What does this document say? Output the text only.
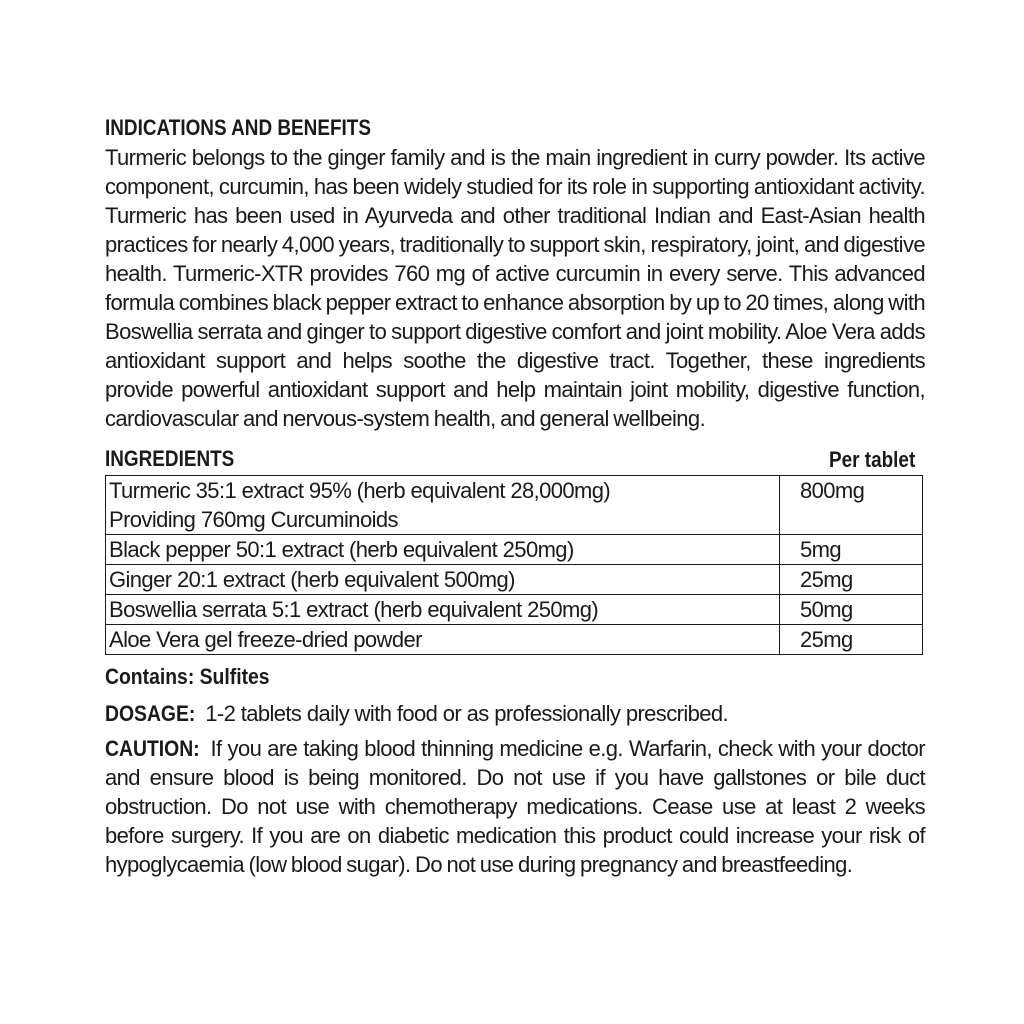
INDICATIONS AND BENEFITS

Turmeric belongs to the ginger family and is the main ingredient in curry powder. Its active component, curcumin, has been widely studied for its role in supporting antioxidant activity. Turmeric has been used in Ayurveda and other traditional Indian and East-Asian health practices for nearly 4,000 years, traditionally to support skin, respiratory, joint, and digestive health. Turmeric-XTR provides 760 mg of active curcumin in every serve. This advanced formula combines black pepper extract to enhance absorption by up to 20 times, along with Boswellia serrata and ginger to support digestive comfort and joint mobility. Aloe Vera adds antioxidant support and helps soothe the digestive tract. Together, these ingredients provide powerful antioxidant support and help maintain joint mobility, digestive function, cardiovascular and nervous-system health, and general wellbeing.

INGREDIENTS	Per tablet
Turmeric 35:1 extract 95% (herb equivalent 28,000mg)
Providing 760mg Curcuminoids	800mg
Black pepper 50:1 extract (herb equivalent 250mg)	5mg
Ginger 20:1 extract (herb equivalent 500mg)	25mg
Boswellia serrata 5:1 extract (herb equivalent 250mg)	50mg
Aloe Vera gel freeze-dried powder	25mg
Contains: Sulfites
DOSAGE: 1-2 tablets daily with food or as professionally prescribed.
CAUTION: If you are taking blood thinning medicine e.g. Warfarin, check with your doctor and ensure blood is being monitored. Do not use if you have gallstones or bile duct obstruction. Do not use with chemotherapy medications. Cease use at least 2 weeks before surgery. If you are on diabetic medication this product could increase your risk of hypoglycaemia (low blood sugar). Do not use during pregnancy and breastfeeding.
